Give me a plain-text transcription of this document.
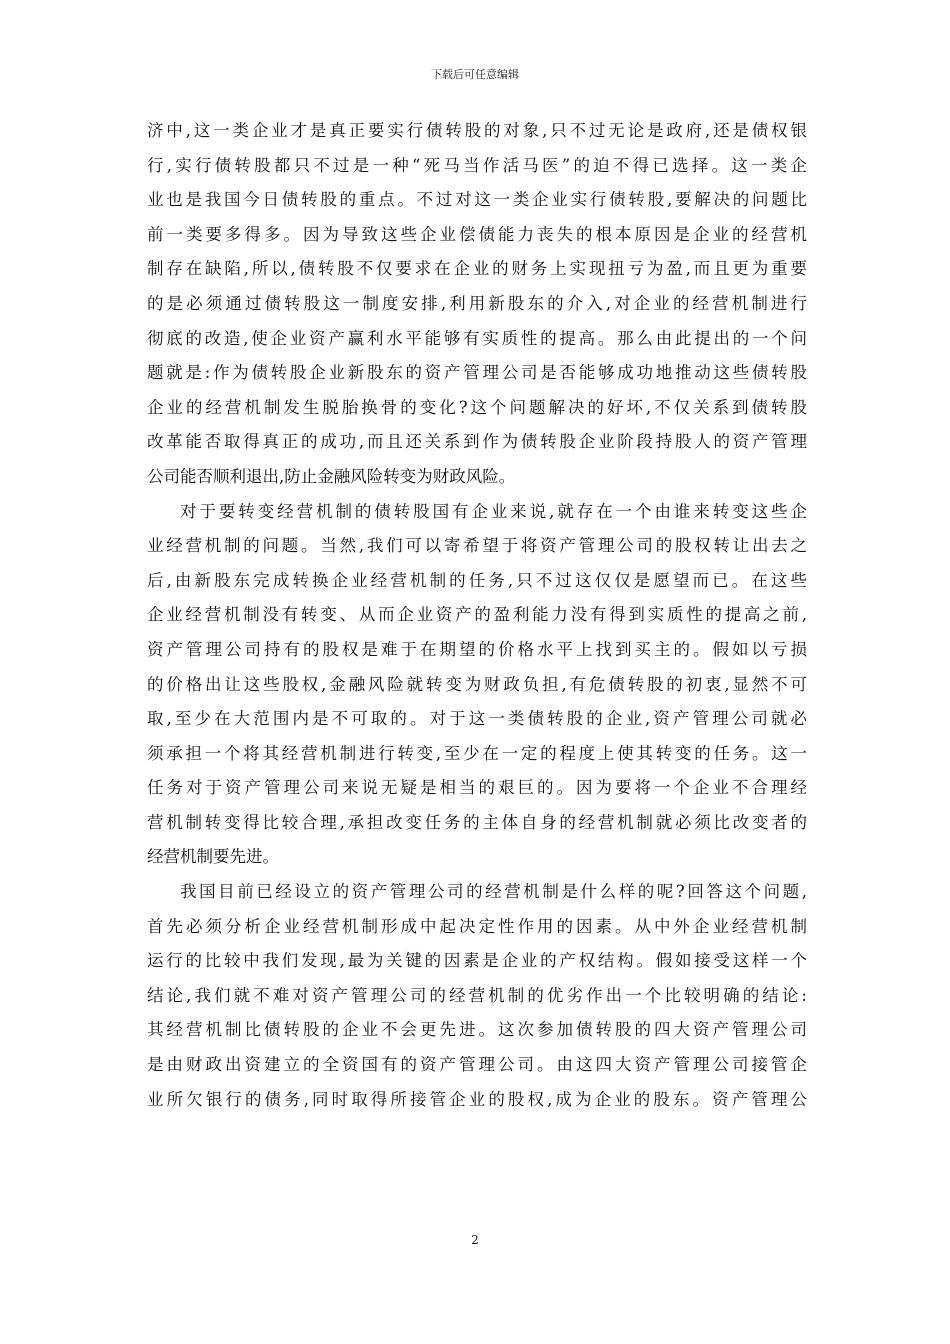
下载后可任意编辑
济中,这一类企业才是真正要实行债转股的对象,只不过无论是政府,还是债权银
行,实行债转股都只不过是一种“死马当作活马医”的迫不得已选择。这一类企
业也是我国今日债转股的重点。不过对这一类企业实行债转股,要解决的问题比
前一类要多得多。因为导致这些企业偿债能力丧失的根本原因是企业的经营机
制存在缺陷,所以,债转股不仅要求在企业的财务上实现扭亏为盈,而且更为重要
的是必须通过债转股这一制度安排,利用新股东的介入,对企业的经营机制进行
彻底的改造,使企业资产赢利水平能够有实质性的提高。那么由此提出的一个问
题就是:作为债转股企业新股东的资产管理公司是否能够成功地推动这些债转股
企业的经营机制发生脱胎换骨的变化?这个问题解决的好坏,不仅关系到债转股
改革能否取得真正的成功,而且还关系到作为债转股企业阶段持股人的资产管理
公司能否顺利退出,防止金融风险转变为财政风险。
对于要转变经营机制的债转股国有企业来说,就存在一个由谁来转变这些企
业经营机制的问题。当然,我们可以寄希望于将资产管理公司的股权转让出去之
后,由新股东完成转换企业经营机制的任务,只不过这仅仅是愿望而已。在这些
企业经营机制没有转变、从而企业资产的盈利能力没有得到实质性的提高之前,
资产管理公司持有的股权是难于在期望的价格水平上找到买主的。假如以亏损
的价格出让这些股权,金融风险就转变为财政负担,有危债转股的初衷,显然不可
取,至少在大范围内是不可取的。对于这一类债转股的企业,资产管理公司就必
须承担一个将其经营机制进行转变,至少在一定的程度上使其转变的任务。这一
任务对于资产管理公司来说无疑是相当的艰巨的。因为要将一个企业不合理经
营机制转变得比较合理,承担改变任务的主体自身的经营机制就必须比改变者的
经营机制要先进。
我国目前已经设立的资产管理公司的经营机制是什么样的呢?回答这个问题,
首先必须分析企业经营机制形成中起决定性作用的因素。从中外企业经营机制
运行的比较中我们发现,最为关键的因素是企业的产权结构。假如接受这样一个
结论,我们就不难对资产管理公司的经营机制的优劣作出一个比较明确的结论:
其经营机制比债转股的企业不会更先进。这次参加债转股的四大资产管理公司
是由财政出资建立的全资国有的资产管理公司。由这四大资产管理公司接管企
业所欠银行的债务,同时取得所接管企业的股权,成为企业的股东。资产管理公
2
